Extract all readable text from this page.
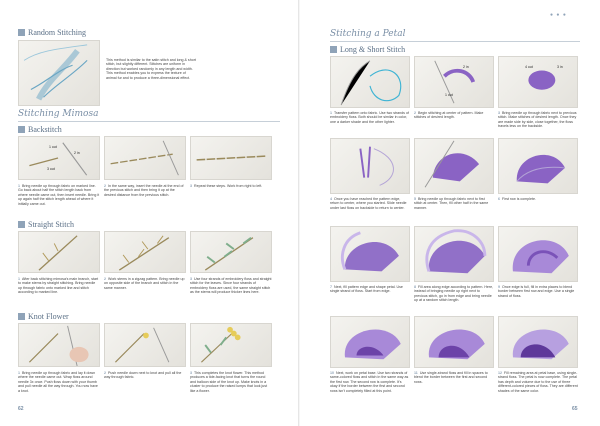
Random Stitching
This method is similar to the satin stitch and long & short stitch, but slightly different. Stitches are uniform in direction but worked randomly in any length and width. This method enables you to express the texture of animal fur and to produce a three-dimensional effect.
Stitching Mimosa
Backstitch
1 out
2 in
3 out
1 Bring needle up through fabric on marked line. Go back about half the stitch length back from where needle came out, then insert needle. Bring it up again half the stitch length ahead of where it initially came out.
2 In the same way, insert the needle at the end of the previous stitch and then bring it up at the desired distance from the previous stitch.
3 Repeat these steps. Work from right to left.
Straight Stitch
1 After back stitching mimosa's main branch, start to make stems by straight stitching. Bring needle up through fabric onto marked line and stitch according to marked line.
2 Work stems in a zigzag pattern. Bring needle up on opposite side of the branch and stitch in the same manner.
3 Use four strands of embroidery floss and straight stitch for the leaves. Since four strands of embroidery floss are used, the same straight stitch as the stems will produce thicker lines here.
Knot Flower
1 Bring needle up through fabric and lay it down where the needle came out. Wrap floss around needle 3x once. Push floss down with your thumb and pull needle all the way through. You now have a knot.
2 Push needle down next to knot and pull all the way through fabric.
3 This completes the knot flower. This method produces a tide-facing knot that turns the round and balloon side of the knot up. Make knots in a cluster to produce the raised lumps that look just like a flower.
62
Stitching a Petal
● ● ●
Long & Short Stitch
2 in
1 out
4 out	3 in
1 Transfer pattern onto fabric. Use two strands of embroidery floss. Both should be similar in color, one a darker shade and the other lighter.
2 Begin stitching at center of pattern. Make stitches of desired length.
3 Bring needle up through fabric next to previous stitch. Make stitches of desired length. Once they are made side by side, close together, the floss travels less on the backside.
4 Once you have reached the pattern edge, return to center, where you started. Slide needle under last floss on backside to return to center.
5 Bring needle up through fabric next to first stitch at center. Then, fill other half in the same manner.
6 First row is complete.
7 Next, fill pattern edge and shape petal. Use single strand of floss. Start from edge.
8 Fill area along edge according to pattern. Here, instead of bringing needle up right next to previous stitch, go in from edge and bring needle up at a random stitch length.
9 Once edge is full, fill in extra places to blend border between first row and edge. Use a single strand of floss.
10 Next, work on petal base. Use two strands of same-colored floss and stitch in the same way as the first row. The second row is complete. It's okay if the border between the first and second rows isn't completely filled at this point.
11 Use single-strand floss and fill in spaces to blend the border between the first and second rows.
12 Fill remaining area at petal base, using single-strand floss. The petal is now complete. The petal has depth and volume due to the use of three different-colored pieces of floss. They are different shades of the same color.
65
